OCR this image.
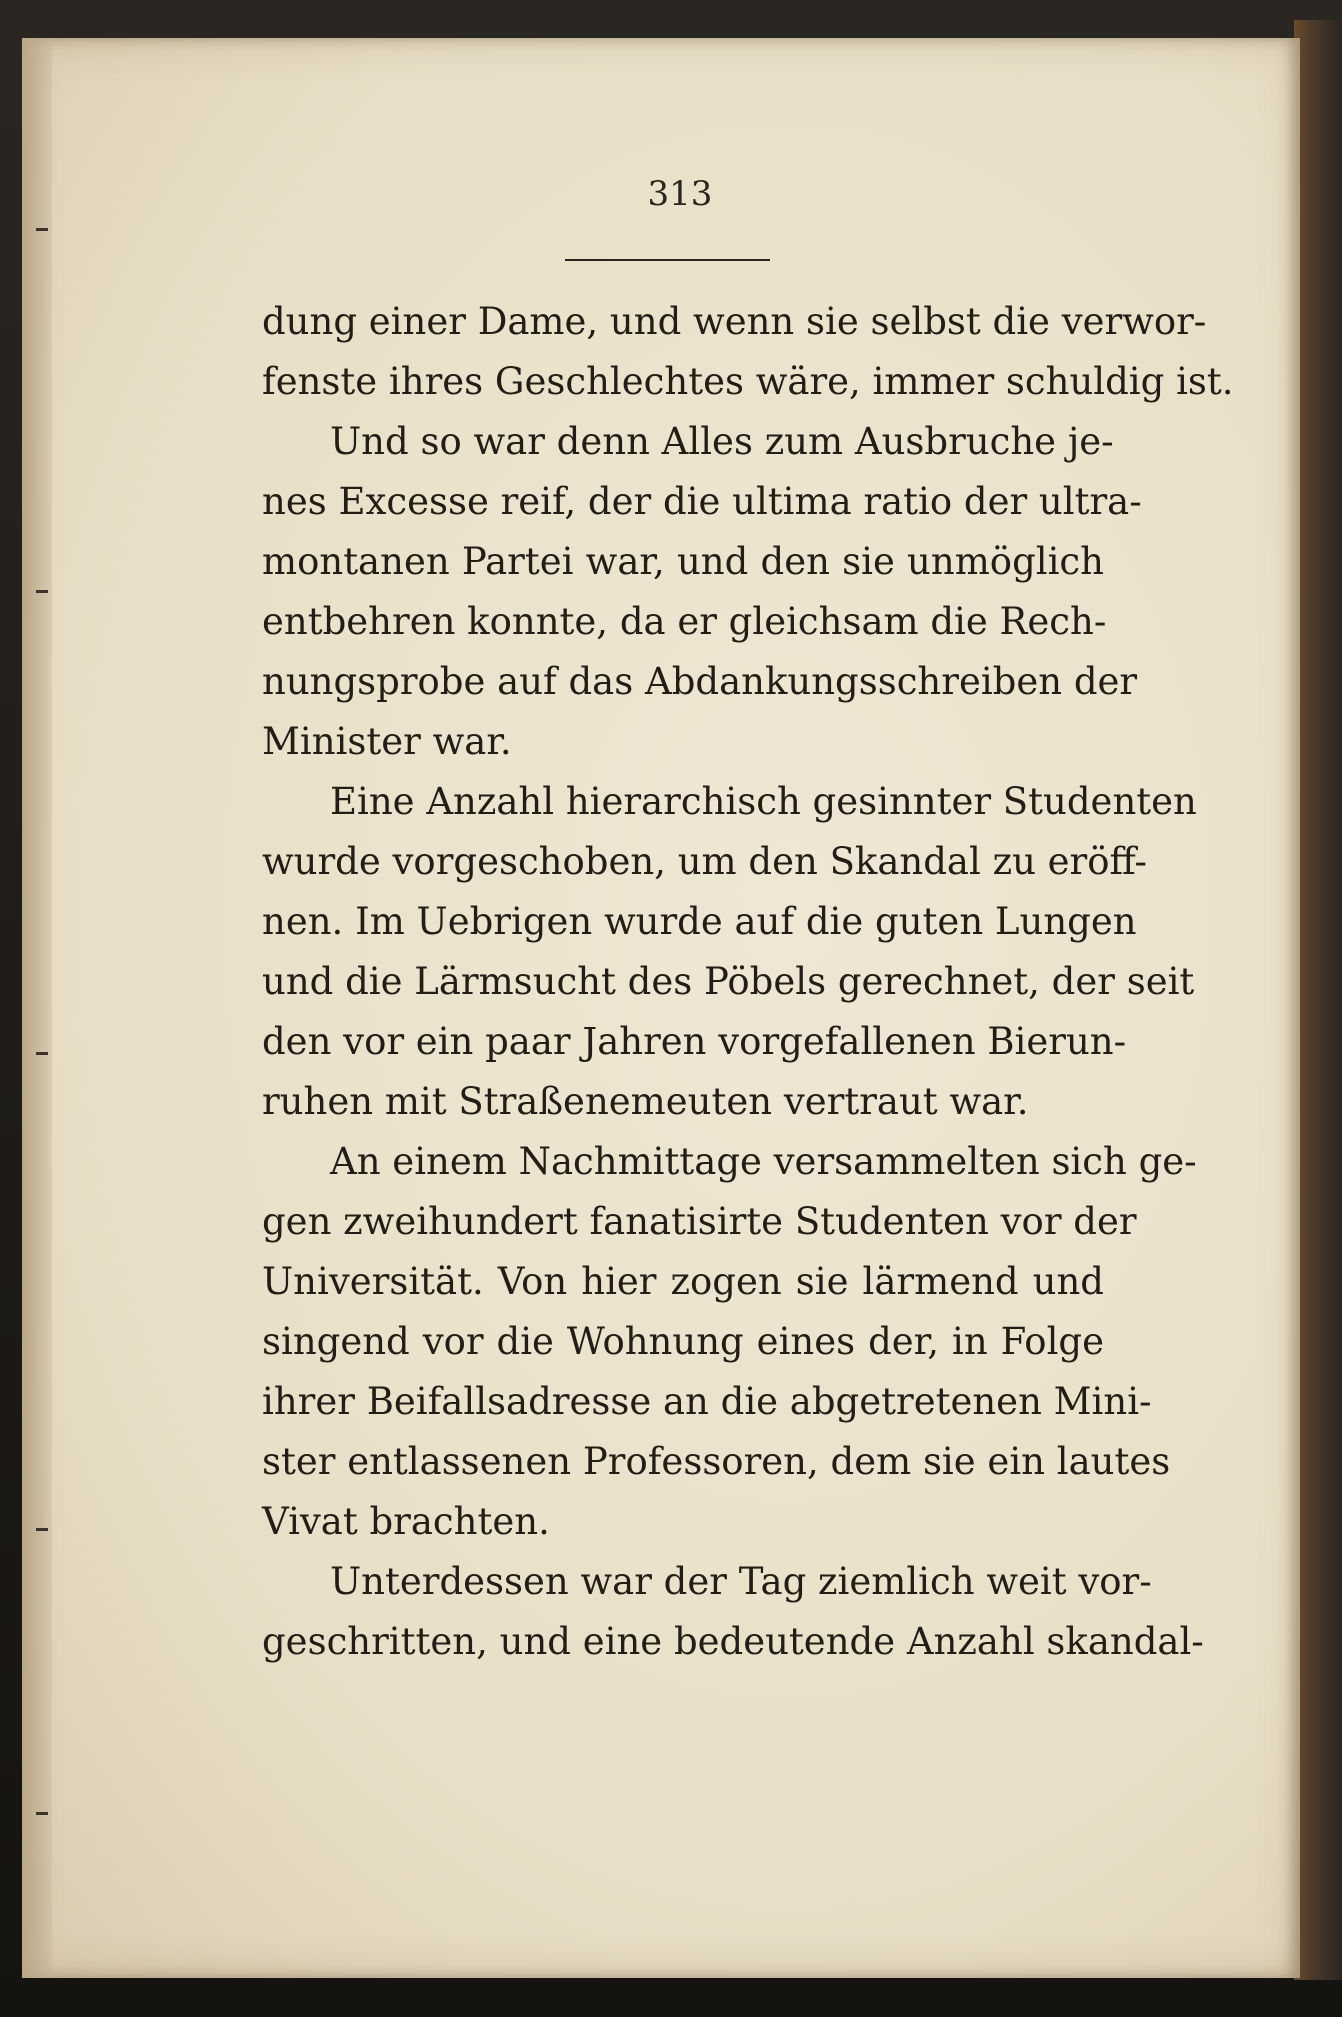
313
dung einer Dame, und wenn sie selbst die verwor-
fenste ihres Geschlechtes wäre, immer schuldig ist.
Und so war denn Alles zum Ausbruche je-
nes Excesse reif, der die ultima ratio der ultra-
montanen Partei war, und den sie unmöglich
entbehren konnte, da er gleichsam die Rech-
nungsprobe auf das Abdankungsschreiben der
Minister war.
Eine Anzahl hierarchisch gesinnter Studenten
wurde vorgeschoben, um den Skandal zu eröff-
nen. Im Uebrigen wurde auf die guten Lungen
und die Lärmsucht des Pöbels gerechnet, der seit
den vor ein paar Jahren vorgefallenen Bierun-
ruhen mit Straßenemeuten vertraut war.
An einem Nachmittage versammelten sich ge-
gen zweihundert fanatisirte Studenten vor der
Universität. Von hier zogen sie lärmend und
singend vor die Wohnung eines der, in Folge
ihrer Beifallsadresse an die abgetretenen Mini-
ster entlassenen Professoren, dem sie ein lautes
Vivat brachten.
Unterdessen war der Tag ziemlich weit vor-
geschritten, und eine bedeutende Anzahl skandal-
